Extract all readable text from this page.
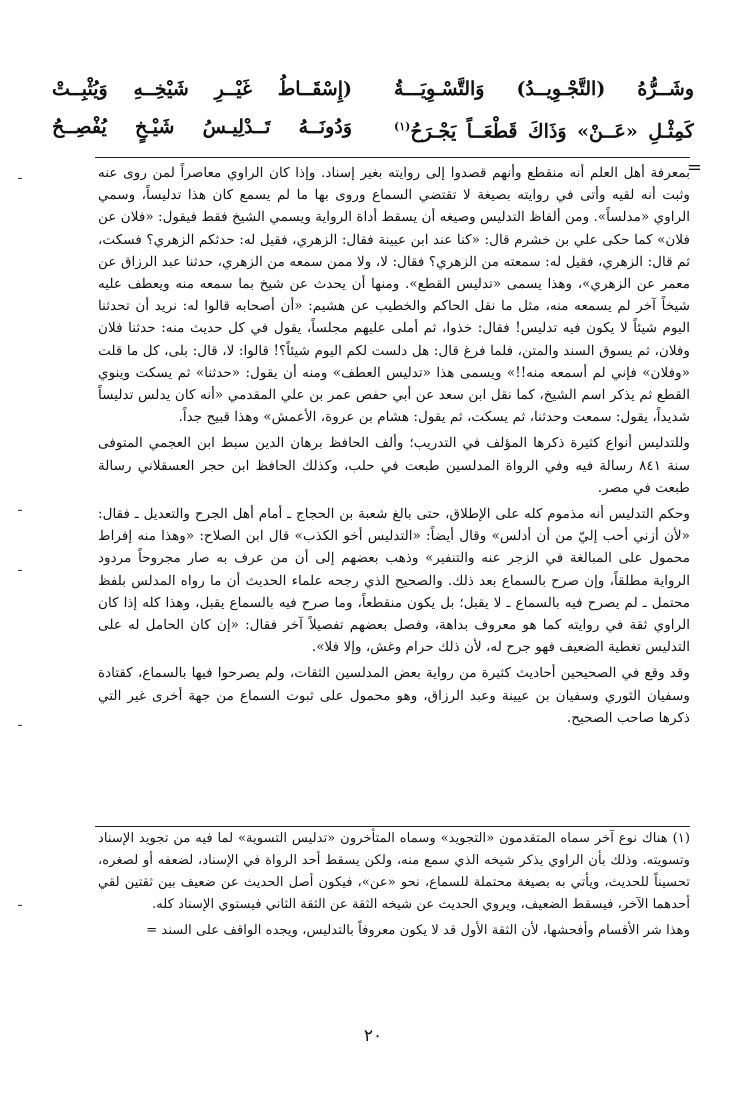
وشَــرُّهُ (التَّجْـوِيــدُ) وَالتَّسْـوِيَـــةُ
(إِسْقَــاطُ غَيْــرِ شَيْخِــهِ وَيُثْبِــتْ
كَمِثْـلِ «عَــنْ» وَذَاكَ قَطْعَــاً يَجْـرَحُ$^{(١)}$
وَدُونَــهُ تَــدْلِيـسُ شَيْـخٍ يُفْصِــحُ
=

بمعرفة أهل العلم أنه منقطع وأنهم قصدوا إلى روايته بغير إسناد. وإذا كان الراوي معاصراً لمن روى عنه وثبت أنه لقيه وأتى في روايته بصيغة لا تقتضي السماع وروى بها ما لم يسمع كان هذا تدليساً، وسمي الراوي «مدلساً». ومن ألفاظ التدليس وصيغه أن يسقط أداة الرواية ويسمي الشيخ فقط فيقول: «فلان عن فلان» كما حكى علي بن خشرم قال: «كنا عند ابن عيينة فقال: الزهري، فقيل له: حدثكم الزهري؟ فسكت، ثم قال: الزهري، فقيل له: سمعته من الزهري؟ فقال: لا، ولا ممن سمعه من الزهري، حدثنا عبد الرزاق عن معمر عن الزهري»، وهذا يسمى «تدليس القطع». ومنها أن يحدث عن شيخ بما سمعه منه ويعطف عليه شيخاً آخر لم يسمعه منه، مثل ما نقل الحاكم والخطيب عن هشيم: «أن أصحابه قالوا له: نريد أن تحدثنا اليوم شيئاً لا يكون فيه تدليس! فقال: خذوا، ثم أملى عليهم مجلساً، يقول في كل حديث منه: حدثنا فلان وفلان، ثم يسوق السند والمتن، فلما فرغ قال: هل دلست لكم اليوم شيئاً؟! قالوا: لا، قال: بلى، كل ما قلت «وفلان» فإني لم أسمعه منه!!» ويسمى هذا «تدليس العطف» ومنه أن يقول: «حدثنا» ثم يسكت وينوي القطع ثم يذكر اسم الشيخ، كما نقل ابن سعد عن أبي حفص عمر بن علي المقدمي «أنه كان يدلس تدليساً شديداً، يقول: سمعت وحدثنا، ثم يسكت، ثم يقول: هشام بن عروة، الأعمش» وهذا قبيح جداً.

وللتدليس أنواع كثيرة ذكرها المؤلف في التدريب؛ وألف الحافظ برهان الدين سبط ابن العجمي المتوفى سنة ٨٤١ رسالة فيه وفي الرواة المدلسين طبعت في حلب، وكذلك الحافظ ابن حجر العسقلاني رسالة طبعت في مصر.

وحكم التدليس أنه مذموم كله على الإطلاق، حتى بالغ شعبة بن الحجاج ـ أمام أهل الجرح والتعديل ـ فقال: «لأن أزني أحب إليّ من أن أدلس» وقال أيضاً: «التدليس أخو الكذب» قال ابن الصلاح: «وهذا منه إفراط محمول على المبالغة في الزجر عنه والتنفير» وذهب بعضهم إلى أن من عرف به صار مجروحاً مردود الرواية مطلقاً، وإن صرح بالسماع بعد ذلك. والصحيح الذي رجحه علماء الحديث أن ما رواه المدلس بلفظ محتمل ـ لم يصرح فيه بالسماع ـ لا يقبل؛ بل يكون منقطعاً، وما صرح فيه بالسماع يقبل، وهذا كله إذا كان الراوي ثقة في روايته كما هو معروف بداهة، وفصل بعضهم تفصيلاً آخر فقال: «إن كان الحامل له على التدليس تغطية الضعيف فهو جرح له، لأن ذلك حرام وغش، وإلا فلا».

وقد وقع في الصحيحين أحاديث كثيرة من رواية بعض المدلسين الثقات، ولم يصرحوا فيها بالسماع، كقتادة وسفيان الثوري وسفيان بن عيينة وعبد الرزاق، وهو محمول على ثبوت السماع من جهة أخرى غير التي ذكرها صاحب الصحيح.

(١) هناك نوع آخر سماه المتقدمون «التجويد» وسماه المتأخرون «تدليس التسوية» لما فيه من تجويد الإسناد وتسويته. وذلك بأن الراوي يذكر شيخه الذي سمع منه، ولكن يسقط أحد الرواة في الإسناد، لضعفه أو لصغره، تحسيناً للحديث، ويأتي به بصيغة محتملة للسماع، نحو «عن»، فيكون أصل الحديث عن ضعيف بين ثقتين لقي أحدهما الآخر، فيسقط الضعيف، ويروي الحديث عن شيخه الثقة عن الثقة الثاني فيستوي الإسناد كله.

وهذا شر الأقسام وأفحشها، لأن الثقة الأول قد لا يكون معروفاً بالتدليس، ويجده الواقف على السند =

ـ
ـ
ـ
ـ
ـ
٢٠
